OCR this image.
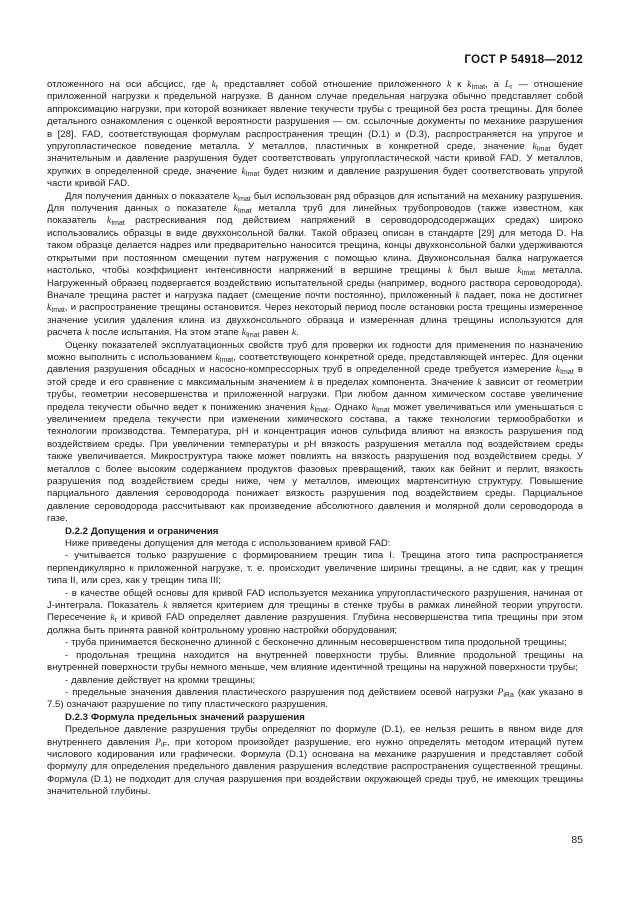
ГОСТ Р 54918—2012

отложенного на оси абсцисс, где $k_r$ представляет собой отношение приложенного k к $k_{Imat}$, а $L_r$ — отношение приложенной нагрузки к предельной нагрузке. В данном случае предельная нагрузка обычно представляет собой аппроксимацию нагрузки, при которой возникает явление текучести трубы с трещиной без роста трещины. Для более детального ознакомления с оценкой вероятности разрушения — см. ссылочные документы по механике разрушения в [28]. FAD, соответствующая формулам распространения трещин (D.1) и (D.3), распространяется на упругое и упругопластическое поведение металла. У металлов, пластичных в конкретной среде, значение $k_{Imat}$ будет значительным и давление разрушения будет соответствовать упругопластической части кривой FAD. У металлов, хрупких в определенной среде, значение $k_{Imat}$ будет низким и давление разрушения будет соответствовать упругой части кривой FAD.

Для получения данных о показателе $k_{Imat}$ был использован ряд образцов для испытаний на механику разрушения. Для получения данных о показателе $k_{Imat}$ металла труб для линейных трубопроводов (также известном, как показатель $k_{Imat}$ растрескивания под действием напряжений в сероводородсодержащих средах) широко использовались образцы в виде двухконсольной балки. Такой образец описан в стандарте [29] для метода D. На таком образце делается надрез или предварительно наносится трещина, концы двухконсольной балки удерживаются открытыми при постоянном смещении путем нагружения с помощью клина. Двухконсольная балка нагружается настолько, чтобы коэффициент интенсивности напряжений в вершине трещины k был выше $k_{Imat}$ металла. Нагруженный образец подвергается воздействию испытательной среды (например, водного раствора сероводорода). Вначале трещина растет и нагрузка падает (смещение почти постоянно), приложенный k падает, пока не достигнет $k_{Imat}$, и распространение трещины остановится. Через некоторый период после остановки роста трещины измеренное значение усилия удаления клина из двухконсольного образца и измеренная длина трещины используются для расчета k после испытания. На этом этапе $k_{Imat}$ равен k.

Оценку показателей эксплуатационных свойств труб для проверки их годности для применения по назначению можно выполнить с использованием $k_{Imat}$, соответствующего конкретной среде, представляющей интерес. Для оценки давления разрушения обсадных и насосно-компрессорных труб в определенной среде требуется измерение $k_{Imat}$ в этой среде и его сравнение с максимальным значением k в пределах компонента. Значение k зависит от геометрии трубы, геометрии несовершенства и приложенной нагрузки. При любом данном химическом составе увеличение предела текучести обычно ведет к понижению значения $k_{Imat}$. Однако $k_{Imat}$ может увеличиваться или уменьшаться с увеличением предела текучести при изменении химического состава, а также технологии термообработки и технологии производства. Температура, pH и концентрация ионов сульфида влияют на вязкость разрушения под воздействием среды. При увеличении температуры и pH вязкость разрушения металла под воздействием среды также увеличивается. Микроструктура также может повлиять на вязкость разрушения под воздействием среды. У металлов с более высоким содержанием продуктов фазовых превращений, таких как бейнит и перлит, вязкость разрушения под воздействием среды ниже, чем у металлов, имеющих мартенситную структуру. Повышение парциального давления сероводорода понижает вязкость разрушения под воздействием среды. Парциальное давление сероводорода рассчитывают как произведение абсолютного давления и молярной доли сероводорода в газе.

D.2.2 Допущения и ограничения

Ниже приведены допущения для метода с использованием кривой FAD:

- учитывается только разрушение с формированием трещин типа I. Трещина этого типа распространяется перпендикулярно к приложенной нагрузке, т. е. происходит увеличение ширины трещины, а не сдвиг, как у трещин типа II, или срез, как у трещин типа III;

- в качестве общей основы для кривой FAD используется механика упругопластического разрушения, начиная от J-интеграла. Показатель k является критерием для трещины в стенке трубы в рамках линейной теории упругости. Пересечение $k_r$ и кривой FAD определяет давление разрушения. Глубина несовершенства типа трещины при этом должна быть принята равной контрольному уровню настройки оборудования;

- труба принимается бесконечно длинной с бесконечно длинным несовершенством типа продольной трещины;

- продольная трещина находится на внутренней поверхности трубы. Влияние продольной трещины на внутренней поверхности трубы немного меньше, чем влияние идентичной трещины на наружной поверхности трубы;

- давление действует на кромки трещины;

- предельные значения давления пластического разрушения под действием осевой нагрузки $P_{iRa}$ (как указано в 7.5) означают разрушение по типу пластического разрушения.

D.2.3 Формула предельных значений разрушения

Предельное давление разрушения трубы определяют по формуле (D.1), ее нельзя решить в явном виде для внутреннего давления $P_{iF}$, при котором произойдет разрушение, его нужно определять методом итераций путем числового кодирования или графически. Формула (D.1) основана на механике разрушения и представляет собой формулу для определения предельного давления разрушения вследствие распространения существенной трещины. Формула (D.1) не подходит для случая разрушения при воздействии окружающей среды труб, не имеющих трещины значительной глубины.

85
